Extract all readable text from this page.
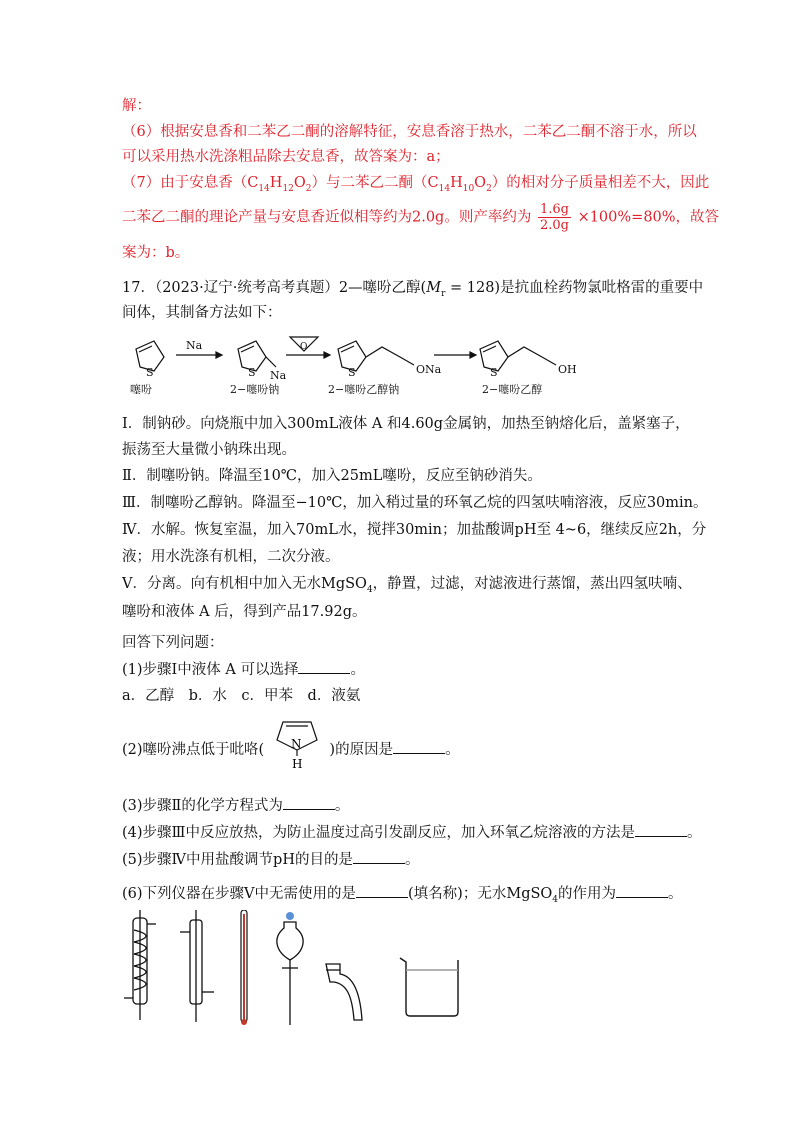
解：
（6）根据安息香和二苯乙二酮的溶解特征，安息香溶于热水，二苯乙二酮不溶于水，所以
可以采用热水洗涤粗品除去安息香，故答案为：a；
（7）由于安息香$(C_{14}H_{12}O_2)$与二苯乙二酮$(C_{14}H_{10}O_2)$的相对分子质量相差不大，因此
二苯乙二酮的理论产量与安息香近似相等约为2.0g。则产率约为 $\frac{1.6g}{2.0g} \times 100\%=80\%$，故答
案为：b。
17．（2023·辽宁·统考高考真题）2—噻吩乙醇$(M_r = 128)$是抗血栓药物氯吡格雷的重要中
间体，其制备方法如下：
S
噻吩
Na
S Na
2−噻吩钠
O
S	ONa
2−噻吩乙醇钠
S	OH
2−噻吩乙醇
Ⅰ．制钠砂。向烧瓶中加入300mL液体 A 和4.60g金属钠，加热至钠熔化后，盖紧塞子，
振荡至大量微小钠珠出现。
Ⅱ．制噻吩钠。降温至10℃，加入25mL噻吩，反应至钠砂消失。
Ⅲ．制噻吩乙醇钠。降温至−10℃，加入稍过量的环氧乙烷的四氢呋喃溶液，反应30min。
Ⅳ．水解。恢复室温，加入70mL水，搅拌30min；加盐酸调pH至 4~6，继续反应2h，分
液；用水洗涤有机相，二次分液。
Ⅴ．分离。向有机相中加入无水MgSO$_4$，静置，过滤，对滤液进行蒸馏，蒸出四氢呋喃、
噻吩和液体 A 后，得到产品17.92g。
回答下列问题：
(1)步骤Ⅰ中液体 A 可以选择	。
a．乙醇　b．水　c．甲苯　d．液氨
(2)噻吩沸点低于吡咯( N
H
)的原因是	。
(3)步骤Ⅱ的化学方程式为	。
(4)步骤Ⅲ中反应放热，为防止温度过高引发副反应，加入环氧乙烷溶液的方法是	。
(5)步骤Ⅳ中用盐酸调节pH的目的是	。
(6)下列仪器在步骤Ⅴ中无需使用的是	(填名称)；无水MgSO$_4$的作用为	。
